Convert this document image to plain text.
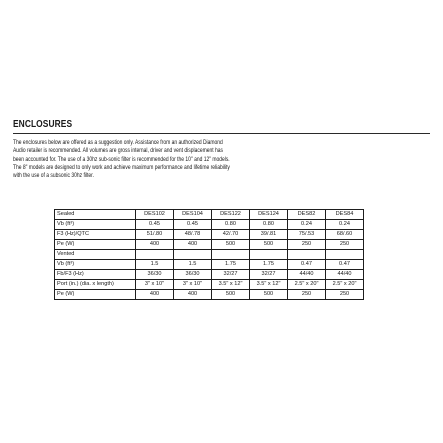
ENCLOSURES
The enclosures below are offered as a suggestion only. Assistance from an authorized Diamond
Audio retailer is recommended. All volumes are gross internal, driver and vent displacement has
been accounted for. The use of a 30hz sub-sonic filter is recommended for the 10" and 12" models.
The 8" models are designed to only work and achieve maximum performance and lifetime reliability
with the use of a subsonic 30hz filter.
Sealed	DES102	DES104	DES122	DES124	DES82	DES84
Vb (ft³)	0.45	0.45	0.80	0.80	0.24	0.24
F3 (Hz)/QTC	51/.80	48/.78	42/.70	39/.81	75/.53	68/.60
Pe (W)	400	400	500	500	250	250
Vented						
Vb (ft³)	1.5	1.5	1.75	1.75	0.47	0.47
Fb/F3 (Hz)	36/30	36/30	32/27	32/27	44/40	44/40
Port (in.) (dia. x length)	3" x 10"	3" x 10"	3.5" x 12"	3.5" x 12"	2.5" x 20"	2.5" x 20"
Pe (W)	400	400	500	500	250	250
